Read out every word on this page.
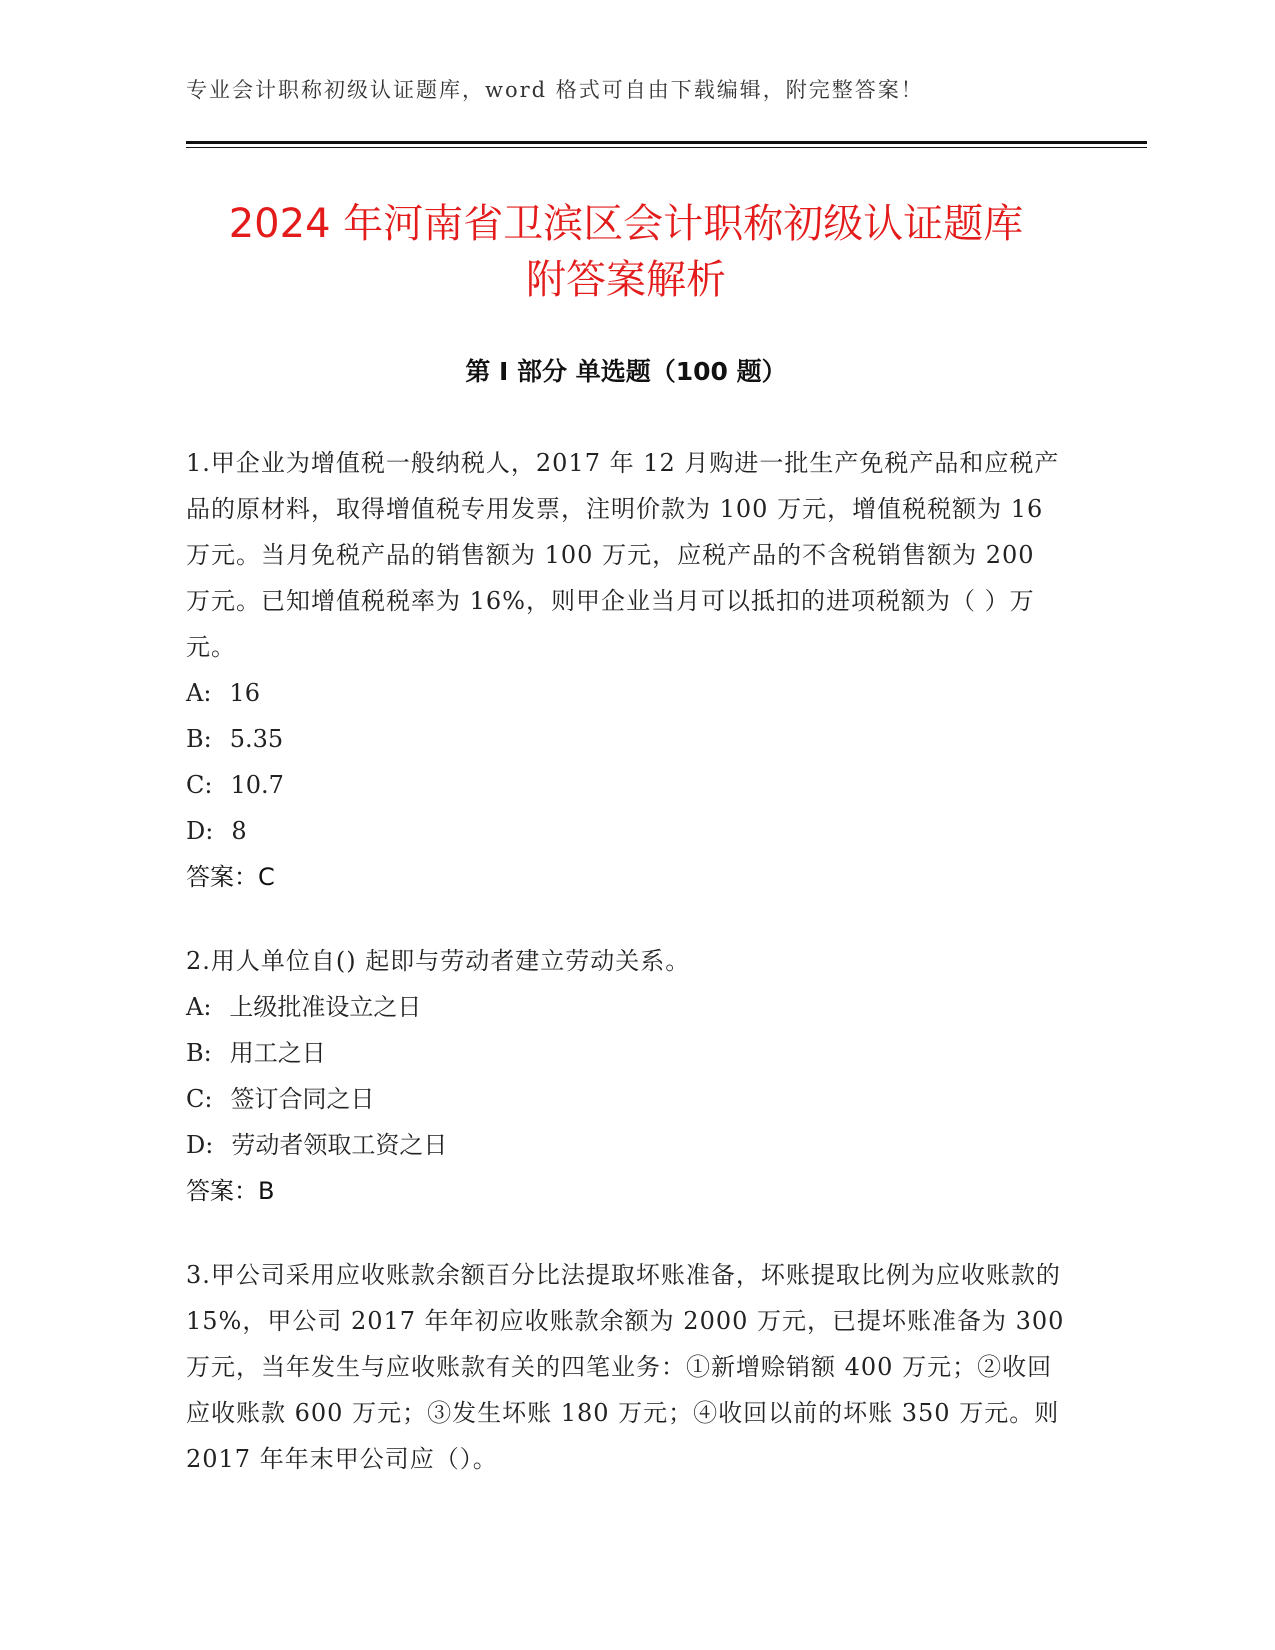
专业会计职称初级认证题库，word 格式可自由下载编辑，附完整答案！
2024 年河南省卫滨区会计职称初级认证题库
附答案解析
第 I 部分 单选题（100 题）

1.甲企业为增值税一般纳税人，2017 年 12 月购进一批生产免税产品和应税产品的原材料，取得增值税专用发票，注明价款为 100 万元，增值税税额为 16 万元。当月免税产品的销售额为 100 万元，应税产品的不含税销售额为 200 万元。已知增值税税率为 16%，则甲企业当月可以抵扣的进项税额为（ ）万元。

A: 16

B: 5.35

C: 10.7

D: 8

答案：C

2.用人单位自() 起即与劳动者建立劳动关系。

A: 上级批准设立之日

B: 用工之日

C: 签订合同之日

D: 劳动者领取工资之日

答案：B

3.甲公司采用应收账款余额百分比法提取坏账准备，坏账提取比例为应收账款的 15%，甲公司 2017 年年初应收账款余额为 2000 万元，已提坏账准备为 300 万元，当年发生与应收账款有关的四笔业务：①新增赊销额 400 万元；②收回应收账款 600 万元；③发生坏账 180 万元；④收回以前的坏账 350 万元。则 2017 年年末甲公司应（）。
